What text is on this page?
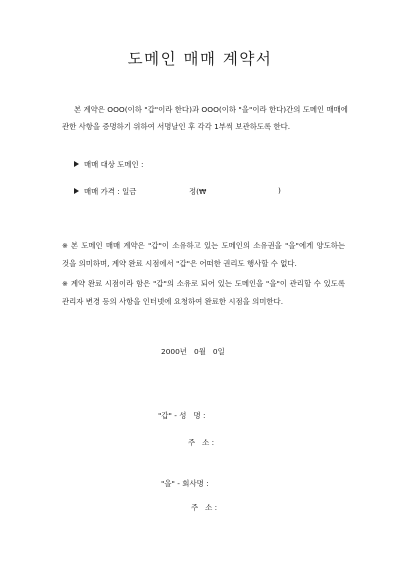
도메인 매매 계약서
본 계약은 OOO(이하 "갑"이라 한다)과 OOO(이하 "을"이라 한다)간의 도메인 매매에
관한 사항을 증명하기 위하여 서명날인 후 각각 1부씩 보관하도록 한다.
매매 대상 도메인 :
매매 가격 : 일금	정(₩	)
※ 본 도메인 매매 계약은 "갑"이 소유하고 있는 도메인의 소유권을 "을"에게 양도하는
것을 의미하며, 계약 완료 시점에서 "갑"은 어떠한 권리도 행사할 수 없다.
※ 계약 완료 시점이라 함은 "갑"의 소유로 되어 있는 도메인을 "을"이 관리할 수 있도록
관리자 변경 등의 사항을 인터넷에 요청하여 완료한 시점을 의미한다.
2000년   0월   0일
"갑" - 성   명 :
주   소 :
"을" - 회사명 :
주   소 :
